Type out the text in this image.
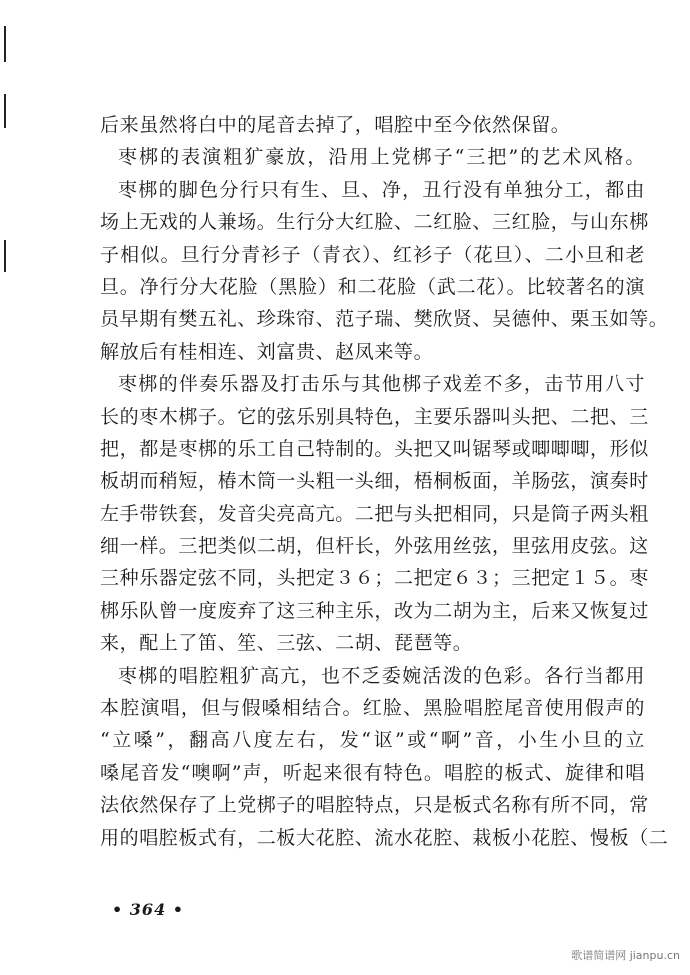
后来虽然将白中的尾音去掉了，唱腔中至今依然保留。
枣梆的表演粗犷豪放，沿用上党梆子“三把”的艺术风格。
枣梆的脚色分行只有生、旦、净，丑行没有单独分工，都由
场上无戏的人兼场。生行分大红脸、二红脸、三红脸，与山东梆
子相似。旦行分青衫子（青衣）、红衫子（花旦）、二小旦和老
旦。净行分大花脸（黑脸）和二花脸（武二花）。比较著名的演
员早期有樊五礼、珍珠帘、范子瑞、樊欣贤、吴德仲、栗玉如等。
解放后有桂相连、刘富贵、赵凤来等。
枣梆的伴奏乐器及打击乐与其他梆子戏差不多，击节用八寸
长的枣木梆子。它的弦乐别具特色，主要乐器叫头把、二把、三
把，都是枣梆的乐工自己特制的。头把又叫锯琴或唧唧唧，形似
板胡而稍短，椿木筒一头粗一头细，梧桐板面，羊肠弦，演奏时
左手带铁套，发音尖亮高亢。二把与头把相同，只是筒子两头粗
细一样。三把类似二胡，但杆长，外弦用丝弦，里弦用皮弦。这
三种乐器定弦不同，头把定３６；二把定６３；三把定１５。枣
梆乐队曾一度废弃了这三种主乐，改为二胡为主，后来又恢复过
来，配上了笛、笙、三弦、二胡、琵琶等。
枣梆的唱腔粗犷高亢，也不乏委婉活泼的色彩。各行当都用
本腔演唱，但与假嗓相结合。红脸、黑脸唱腔尾音使用假声的
“立嗓”，翻高八度左右，发“讴”或“啊”音，小生小旦的立
嗓尾音发“噢啊”声，听起来很有特色。唱腔的板式、旋律和唱
法依然保存了上党梆子的唱腔特点，只是板式名称有所不同，常
用的唱腔板式有，二板大花腔、流水花腔、栽板小花腔、慢板（二
• 364 •
歌谱简谱网 jianpu.cn
